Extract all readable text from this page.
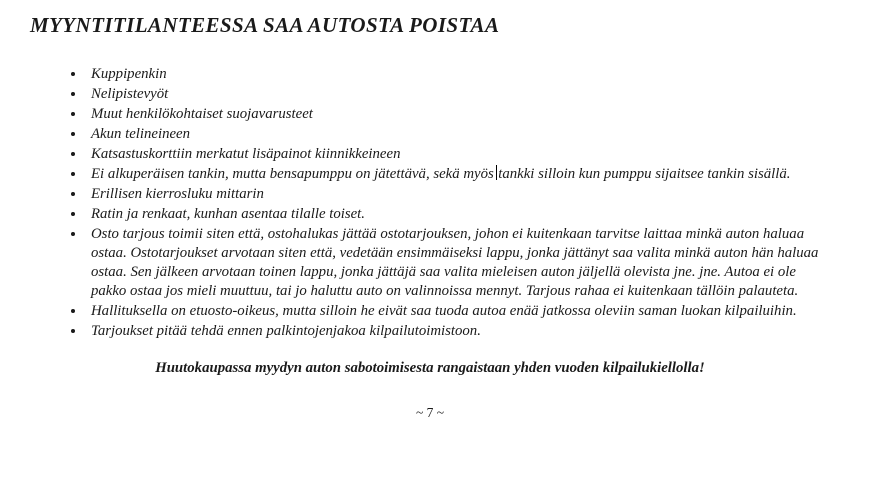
MYYNTITILANTEESSA SAA AUTOSTA POISTAA
• Kuppipenkin
• Nelipistevyöt
• Muut henkilökohtaiset suojavarusteet
• Akun telineineen
• Katsastuskorttiin merkatut lisäpainot kiinnikkeineen
• Ei alkuperäisen tankin, mutta bensapumppu on jätettävä, sekä myös tankki silloin kun pumppu sijaitsee tankin sisällä.
• Erillisen kierrosluku mittarin
• Ratin ja renkaat, kunhan asentaa tilalle toiset.
• Osto tarjous toimii siten että, ostohalukas jättää ostotarjouksen, johon ei kuitenkaan tarvitse laittaa minkä auton haluaa ostaa. Ostotarjoukset arvotaan siten että, vedetään ensimmäiseksi lappu, jonka jättänyt saa valita minkä auton hän haluaa ostaa. Sen jälkeen arvotaan toinen lappu, jonka jättäjä saa valita mieleisen auton jäljellä olevista jne. jne. Autoa ei ole pakko ostaa jos mieli muuttuu, tai jo haluttu auto on valinnoissa mennyt. Tarjous rahaa ei kuitenkaan tällöin palauteta.
• Hallituksella on etuosto-oikeus, mutta silloin he eivät saa tuoda autoa enää jatkossa oleviin saman luokan kilpailuihin.
• Tarjoukset pitää tehdä ennen palkintojenjakoa kilpailutoimistoon.
Huutokaupassa myydyn auton sabotoimisesta rangaistaan yhden vuoden kilpailukiellolla!
~ 7 ~
